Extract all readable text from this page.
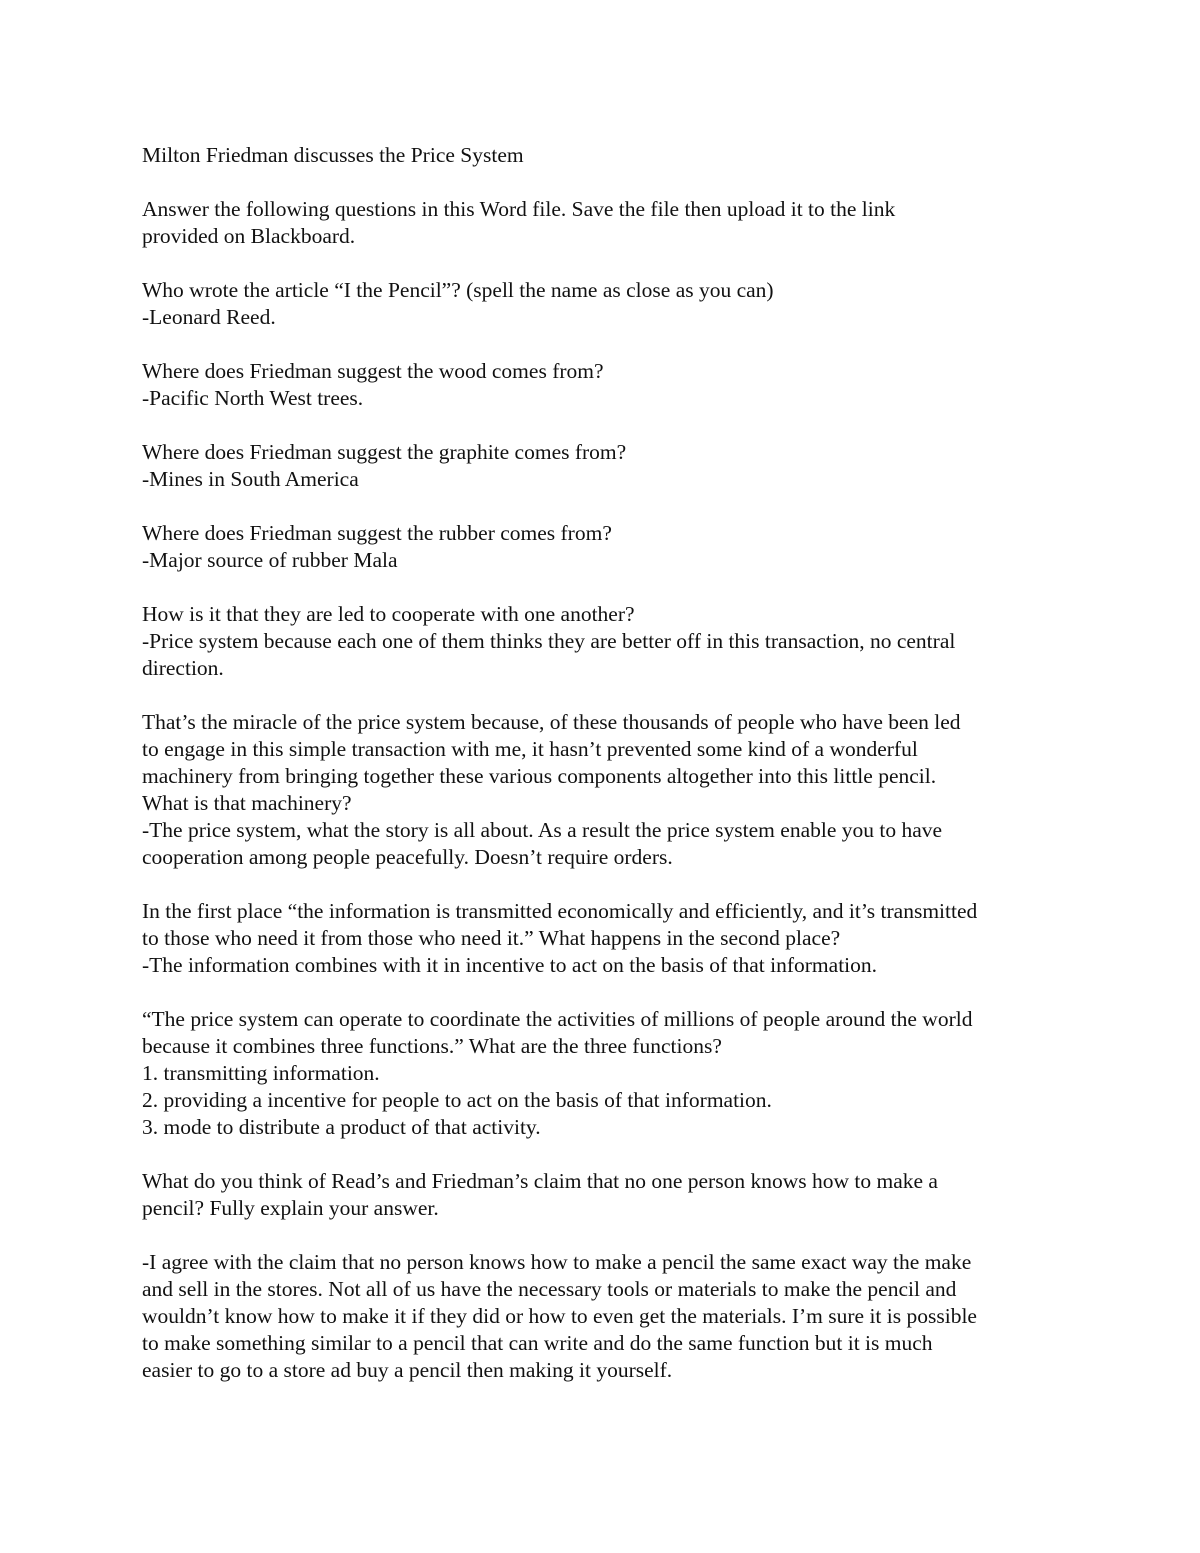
Milton Friedman discusses the Price System
Answer the following questions in this Word file. Save the file then upload it to the link
provided on Blackboard.
Who wrote the article “I the Pencil”? (spell the name as close as you can)
-Leonard Reed.
Where does Friedman suggest the wood comes from?
-Pacific North West trees.
Where does Friedman suggest the graphite comes from?
-Mines in South America
Where does Friedman suggest the rubber comes from?
-Major source of rubber Mala
How is it that they are led to cooperate with one another?
-Price system because each one of them thinks they are better off in this transaction, no central
direction.
That’s the miracle of the price system because, of these thousands of people who have been led
to engage in this simple transaction with me, it hasn’t prevented some kind of a wonderful
machinery from bringing together these various components altogether into this little pencil.
What is that machinery?
-The price system, what the story is all about. As a result the price system enable you to have
cooperation among people peacefully. Doesn’t require orders.
In the first place “the information is transmitted economically and efficiently, and it’s transmitted
to those who need it from those who need it.” What happens in the second place?
-The information combines with it in incentive to act on the basis of that information.
“The price system can operate to coordinate the activities of millions of people around the world
because it combines three functions.” What are the three functions?
1. transmitting information.
2. providing a incentive for people to act on the basis of that information.
3. mode to distribute a product of that activity.
What do you think of Read’s and Friedman’s claim that no one person knows how to make a
pencil? Fully explain your answer.
-I agree with the claim that no person knows how to make a pencil the same exact way the make
and sell in the stores. Not all of us have the necessary tools or materials to make the pencil and
wouldn’t know how to make it if they did or how to even get the materials. I’m sure it is possible
to make something similar to a pencil that can write and do the same function but it is much
easier to go to a store ad buy a pencil then making it yourself.
